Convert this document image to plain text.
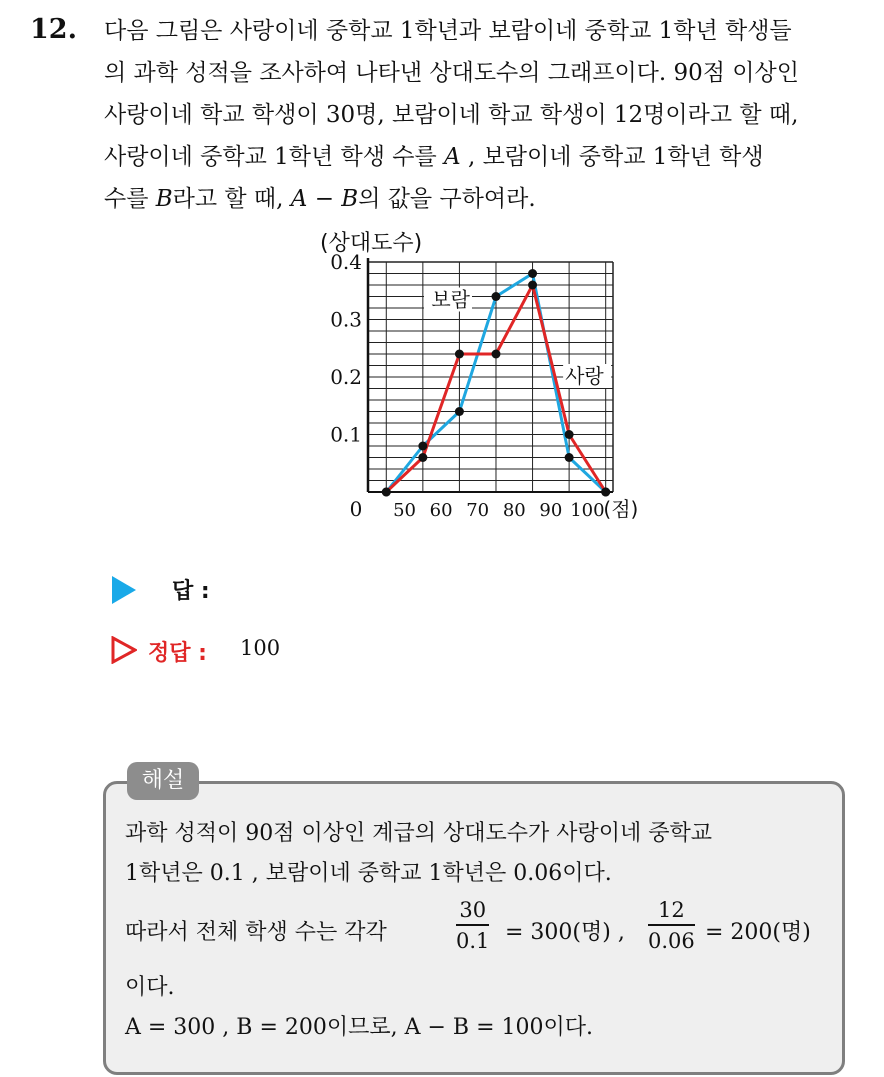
12. 다음 그림은 사랑이네 중학교 1학년과 보람이네 중학교 1학년 학생들
의 과학 성적을 조사하여 나타낸 상대도수의 그래프이다. 90점 이상인
사랑이네 학교 학생이 30명, 보람이네 학교 학생이 12명이라고 할 때,
사랑이네 중학교 1학년 학생 수를 A , 보람이네 중학교 1학년 학생
수를 B라고 할 때, A − B의 값을 구하여라.
(상대도수)
0.1
0.2
0.3
0.4
0 50 60 70 80 90 100
(점)
보람
사랑
답 :
정답 : 100
해설
과학 성적이 90점 이상인 계급의 상대도수가 사랑이네 중학교
1학년은 0.1 , 보람이네 중학교 1학년은 0.06이다.
따라서 전체 학생 수는 각각	$\frac{30}{0.1} = 300$(명) , $\frac{12}{0.06} = 200$(명)
이다.
A = 300 , B = 200이므로, A − B = 100이다.
